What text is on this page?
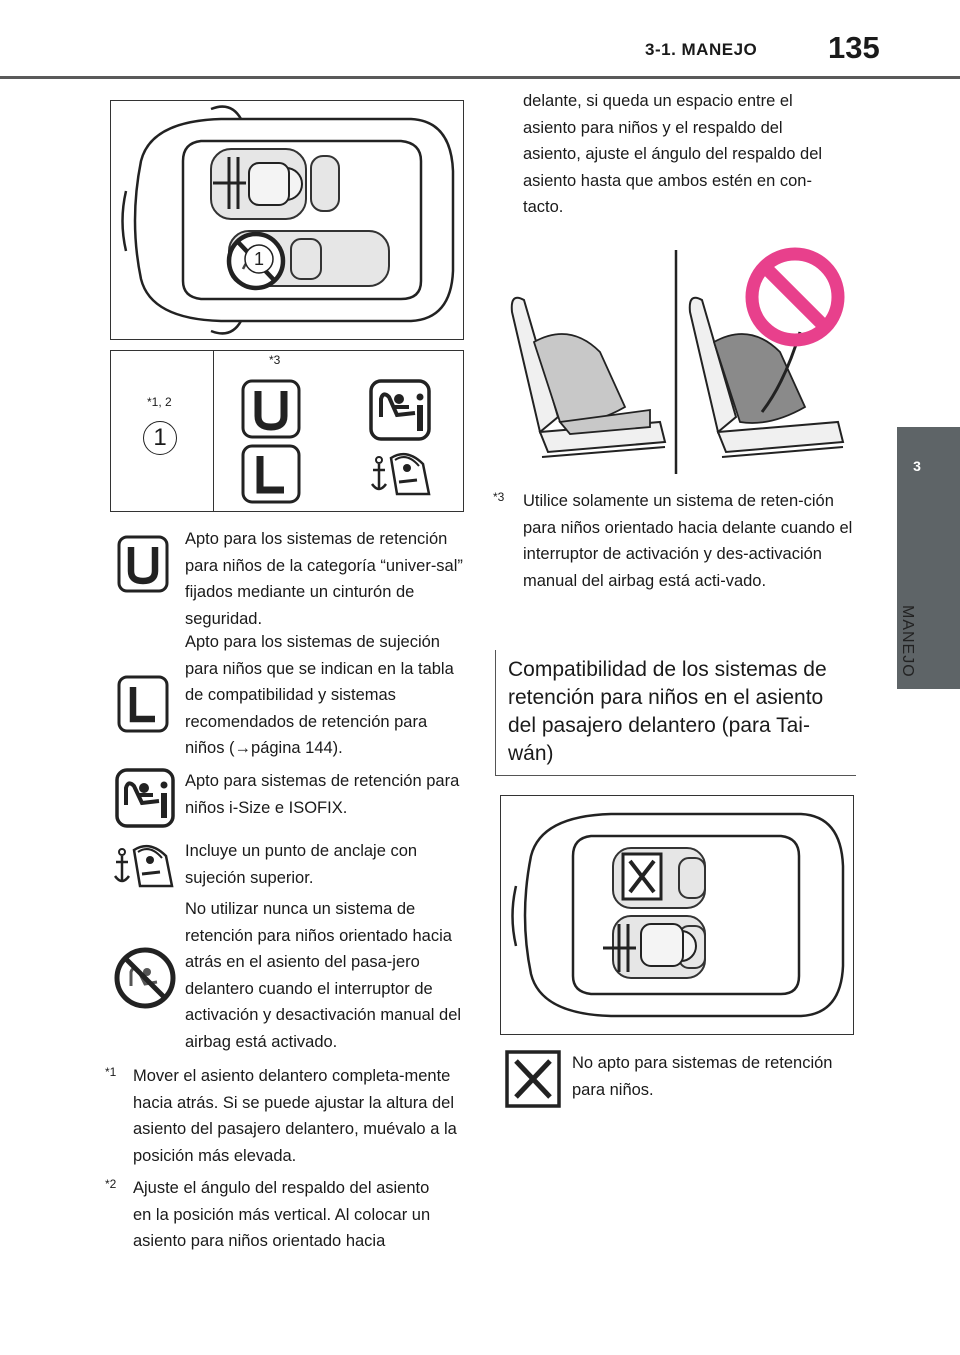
3-1. MANEJO 135
3
1
*1, 2
1
*3
Apto para los sistemas de retención para niños de la categoría “univer-sal” fijados mediante un cinturón de seguridad.
Apto para los sistemas de sujeción para niños que se indican en la tabla de compatibilidad y sistemas recomendados de retención para niños (→página 144).
Apto para sistemas de retención para niños i-Size e ISOFIX.
Incluye un punto de anclaje con sujeción superior.
No utilizar nunca un sistema de retención para niños orientado hacia atrás en el asiento del pasa-jero delantero cuando el interruptor de activación y desactivación manual del airbag está activado.
*1	Mover el asiento delantero completa-mente hacia atrás. Si se puede ajustar la altura del asiento del pasajero delantero, muévalo a la posición más elevada.
*2 Ajuste el ángulo del respaldo del asiento
en la posición más vertical. Al colocar un
asiento para niños orientado hacia
delante, si queda un espacio entre el
asiento para niños y el respaldo del
asiento, ajuste el ángulo del respaldo del
asiento hasta que ambos estén en con-
tacto.
*3	Utilice solamente un sistema de reten-ción para niños orientado hacia delante cuando el interruptor de activación y des-activación manual del airbag está acti-vado.
Compatibilidad de los sistemas de retención para niños en el asiento del pasajero delantero (para Tai-wán)
No apto para sistemas de retención para niños.
